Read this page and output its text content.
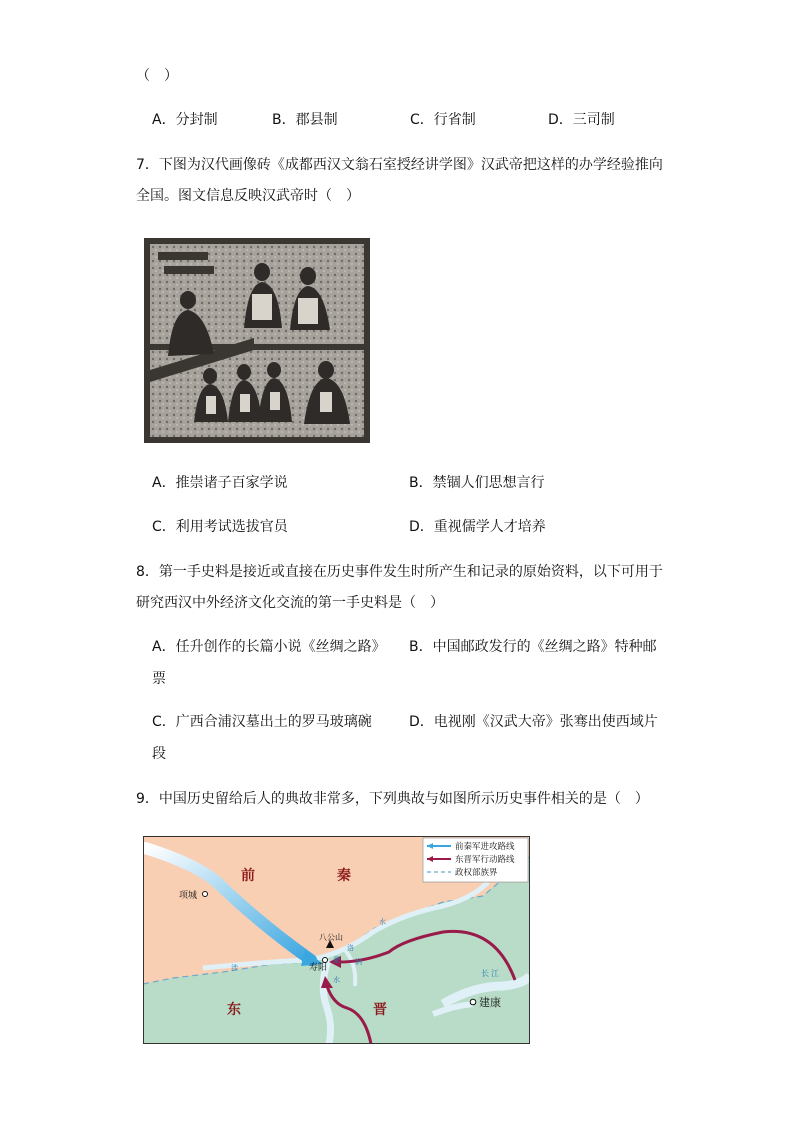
（　）
A．分封制	B．郡县制	C．行省制	D．三司制
7．下图为汉代画像砖《成都西汉文翁石室授经讲学图》汉武帝把这样的办学经验推向
全国。图文信息反映汉武帝时（　）
A．推崇诸子百家学说	B．禁锢人们思想言行
C．利用考试选拔官员	D．重视儒学人才培养
8．第一手史料是接近或直接在历史事件发生时所产生和记录的原始资料，以下可用于
研究西汉中外经济文化交流的第一手史料是（　）
A．任升创作的长篇小说《丝绸之路》 B．中国邮政发行的《丝绸之路》特种邮
票
C．广西合浦汉墓出土的罗马玻璃碗	D．电视刚《汉武大帝》张骞出使西域片
段
9．中国历史留给后人的典故非常多，下列典故与如图所示历史事件相关的是（　）
前秦军进攻路线
东晋军行动路线
政权部族界
前	秦
东	晋
项城
八公山
寿阳
建康
长 江
洛
涧
淝
水
水
涉
